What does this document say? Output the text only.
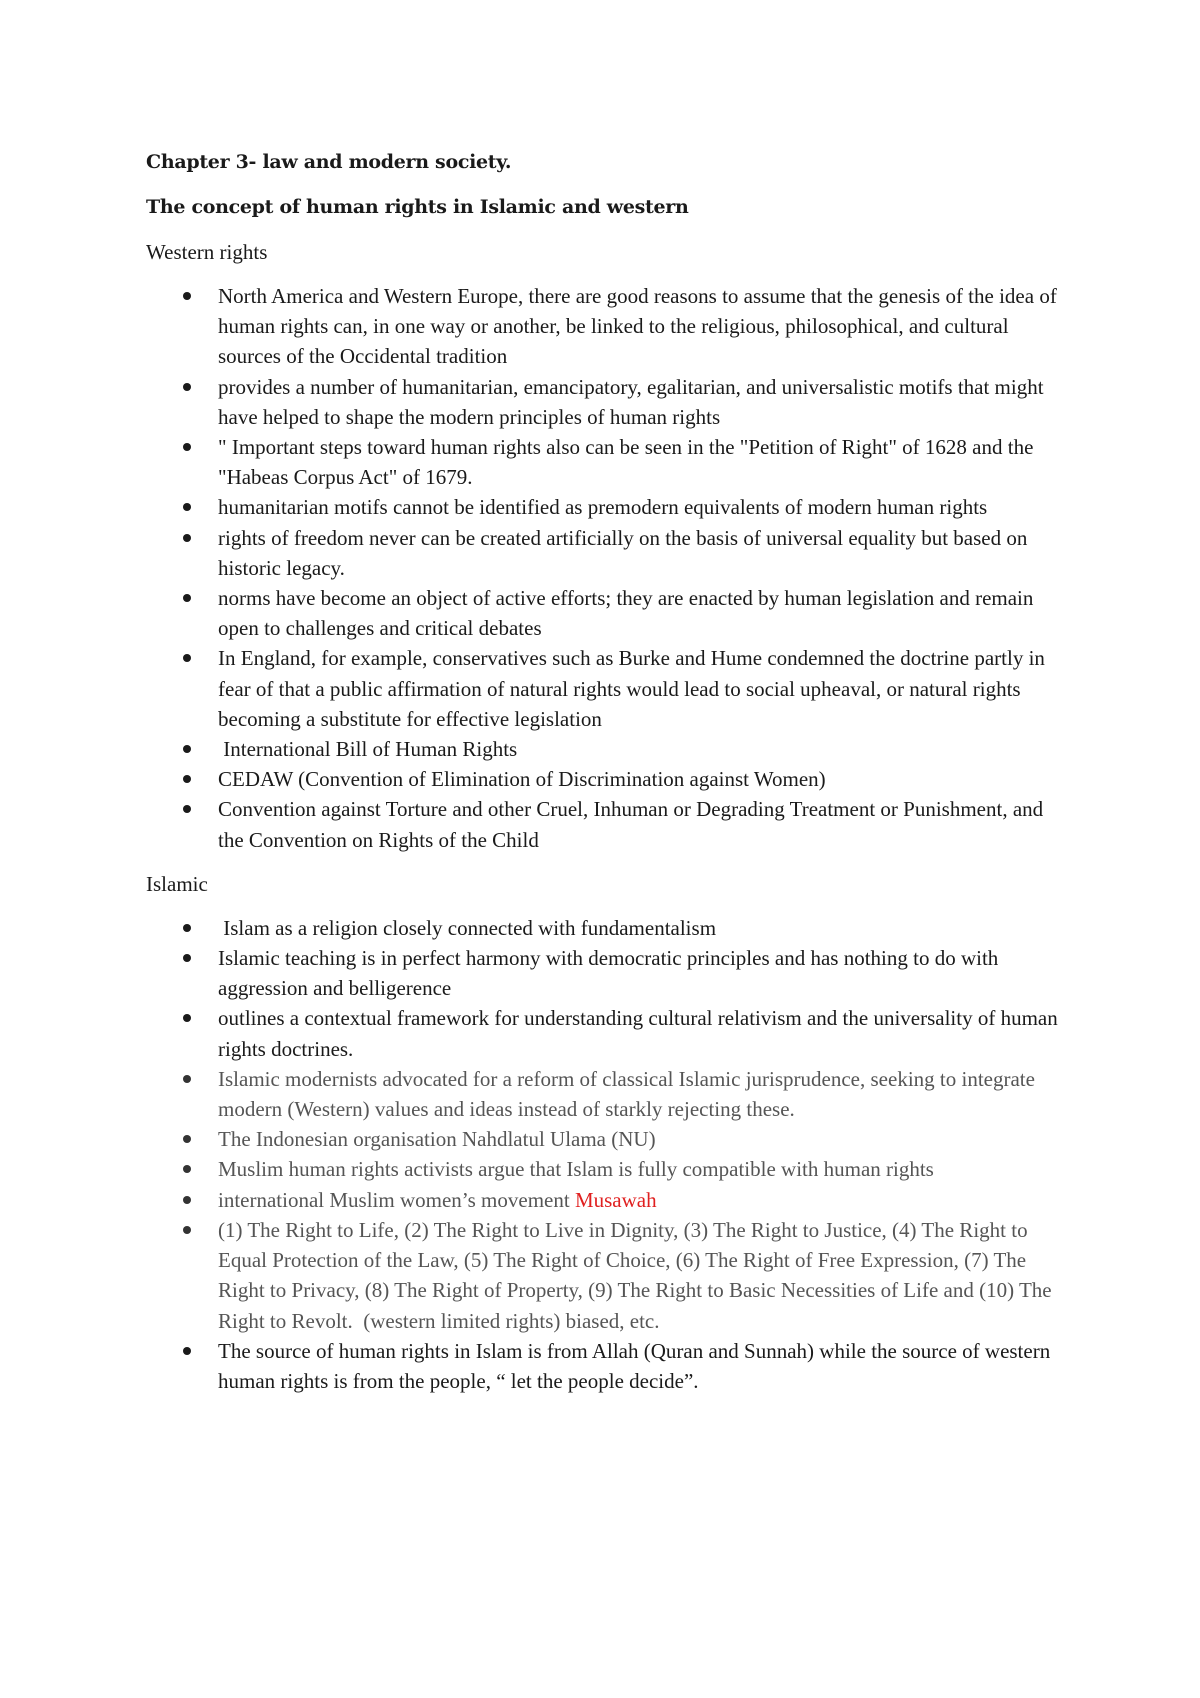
Chapter 3- law and modern society.
The concept of human rights in Islamic and western
Western rights
North America and Western Europe, there are good reasons to assume that the genesis of the idea of human rights can, in one way or another, be linked to the religious, philosophical, and cultural sources of the Occidental tradition
provides a number of humanitarian, emancipatory, egalitarian, and universalistic motifs that might have helped to shape the modern principles of human rights
" Important steps toward human rights also can be seen in the "Petition of Right" of 1628 and the "Habeas Corpus Act" of 1679.
humanitarian motifs cannot be identified as premodern equivalents of modern human rights
rights of freedom never can be created artificially on the basis of universal equality but based on historic legacy.
norms have become an object of active efforts; they are enacted by human legislation and remain open to challenges and critical debates
In England, for example, conservatives such as Burke and Hume condemned the doctrine partly in fear of that a public affirmation of natural rights would lead to social upheaval, or natural rights becoming a substitute for effective legislation
International Bill of Human Rights
CEDAW (Convention of Elimination of Discrimination against Women)
Convention against Torture and other Cruel, Inhuman or Degrading Treatment or Punishment, and the Convention on Rights of the Child
Islamic
Islam as a religion closely connected with fundamentalism
Islamic teaching is in perfect harmony with democratic principles and has nothing to do with aggression and belligerence
outlines a contextual framework for understanding cultural relativism and the universality of human rights doctrines.
Islamic modernists advocated for a reform of classical Islamic jurisprudence, seeking to integrate modern (Western) values and ideas instead of starkly rejecting these.
The Indonesian organisation Nahdlatul Ulama (NU)
Muslim human rights activists argue that Islam is fully compatible with human rights
international Muslim women’s movement Musawah
(1) The Right to Life, (2) The Right to Live in Dignity, (3) The Right to Justice, (4) The Right to Equal Protection of the Law, (5) The Right of Choice, (6) The Right of Free Expression, (7) The Right to Privacy, (8) The Right of Property, (9) The Right to Basic Necessities of Life and (10) The Right to Revolt.  (western limited rights) biased, etc.
The source of human rights in Islam is from Allah (Quran and Sunnah) while the source of western human rights is from the people, “ let the people decide”.
